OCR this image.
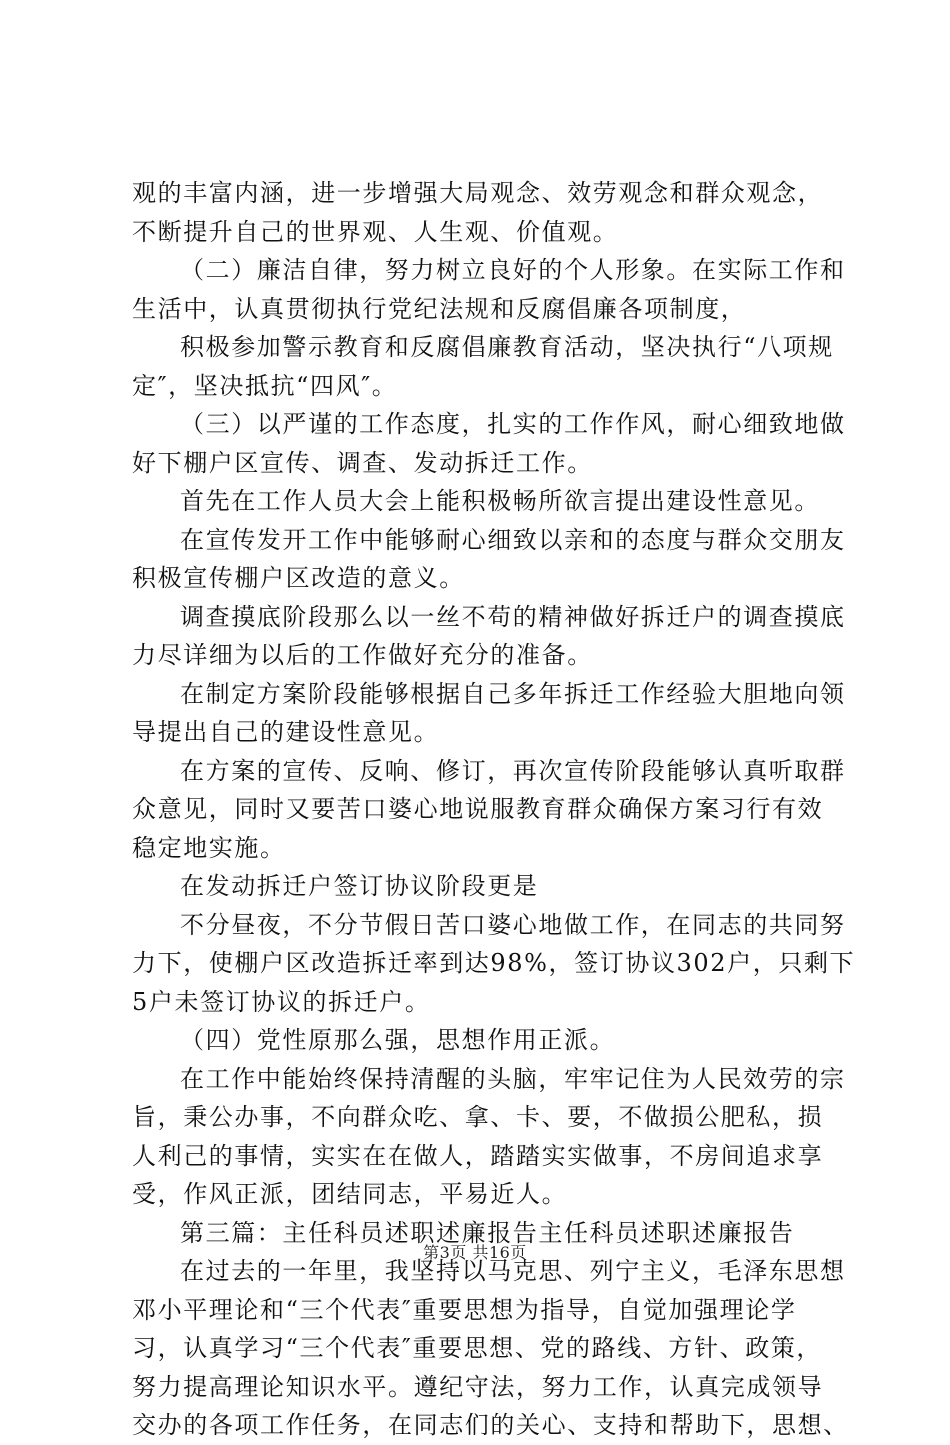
观的丰富内涵，进一步增强大局观念、效劳观念和群众观念，
不断提升自己的世界观、人生观、价值观。
（二）廉洁自律，努力树立良好的个人形象。在实际工作和
生活中，认真贯彻执行党纪法规和反腐倡廉各项制度，
积极参加警示教育和反腐倡廉教育活动，坚决执行“八项规
定″，坚决抵抗“四风″。
（三）以严谨的工作态度，扎实的工作作风，耐心细致地做
好下棚户区宣传、调查、发动拆迁工作。
首先在工作人员大会上能积极畅所欲言提出建设性意见。
在宣传发开工作中能够耐心细致以亲和的态度与群众交朋友
积极宣传棚户区改造的意义。
调查摸底阶段那么以一丝不苟的精神做好拆迁户的调查摸底
力尽详细为以后的工作做好充分的准备。
在制定方案阶段能够根据自己多年拆迁工作经验大胆地向领
导提出自己的建设性意见。
在方案的宣传、反响、修订，再次宣传阶段能够认真听取群
众意见，同时又要苦口婆心地说服教育群众确保方案习行有效
稳定地实施。
在发动拆迁户签订协议阶段更是
不分昼夜，不分节假日苦口婆心地做工作，在同志的共同努
力下，使棚户区改造拆迁率到达98%，签订协议302户，只剩下
5户未签订协议的拆迁户。
（四）党性原那么强，思想作用正派。
在工作中能始终保持清醒的头脑，牢牢记住为人民效劳的宗
旨，秉公办事，不向群众吃、拿、卡、要，不做损公肥私，损
人利己的事情，实实在在做人，踏踏实实做事，不房间追求享
受，作风正派，团结同志，平易近人。
第三篇：主任科员述职述廉报告主任科员述职述廉报告
在过去的一年里，我坚持以马克思、列宁主义，毛泽东思想
邓小平理论和“三个代表″重要思想为指导，自觉加强理论学
习，认真学习“三个代表″重要思想、党的路线、方针、政策，
努力提高理论知识水平。遵纪守法，努力工作，认真完成领导
交办的各项工作任务，在同志们的关心、支持和帮助下，思想、
第3页 共16页
